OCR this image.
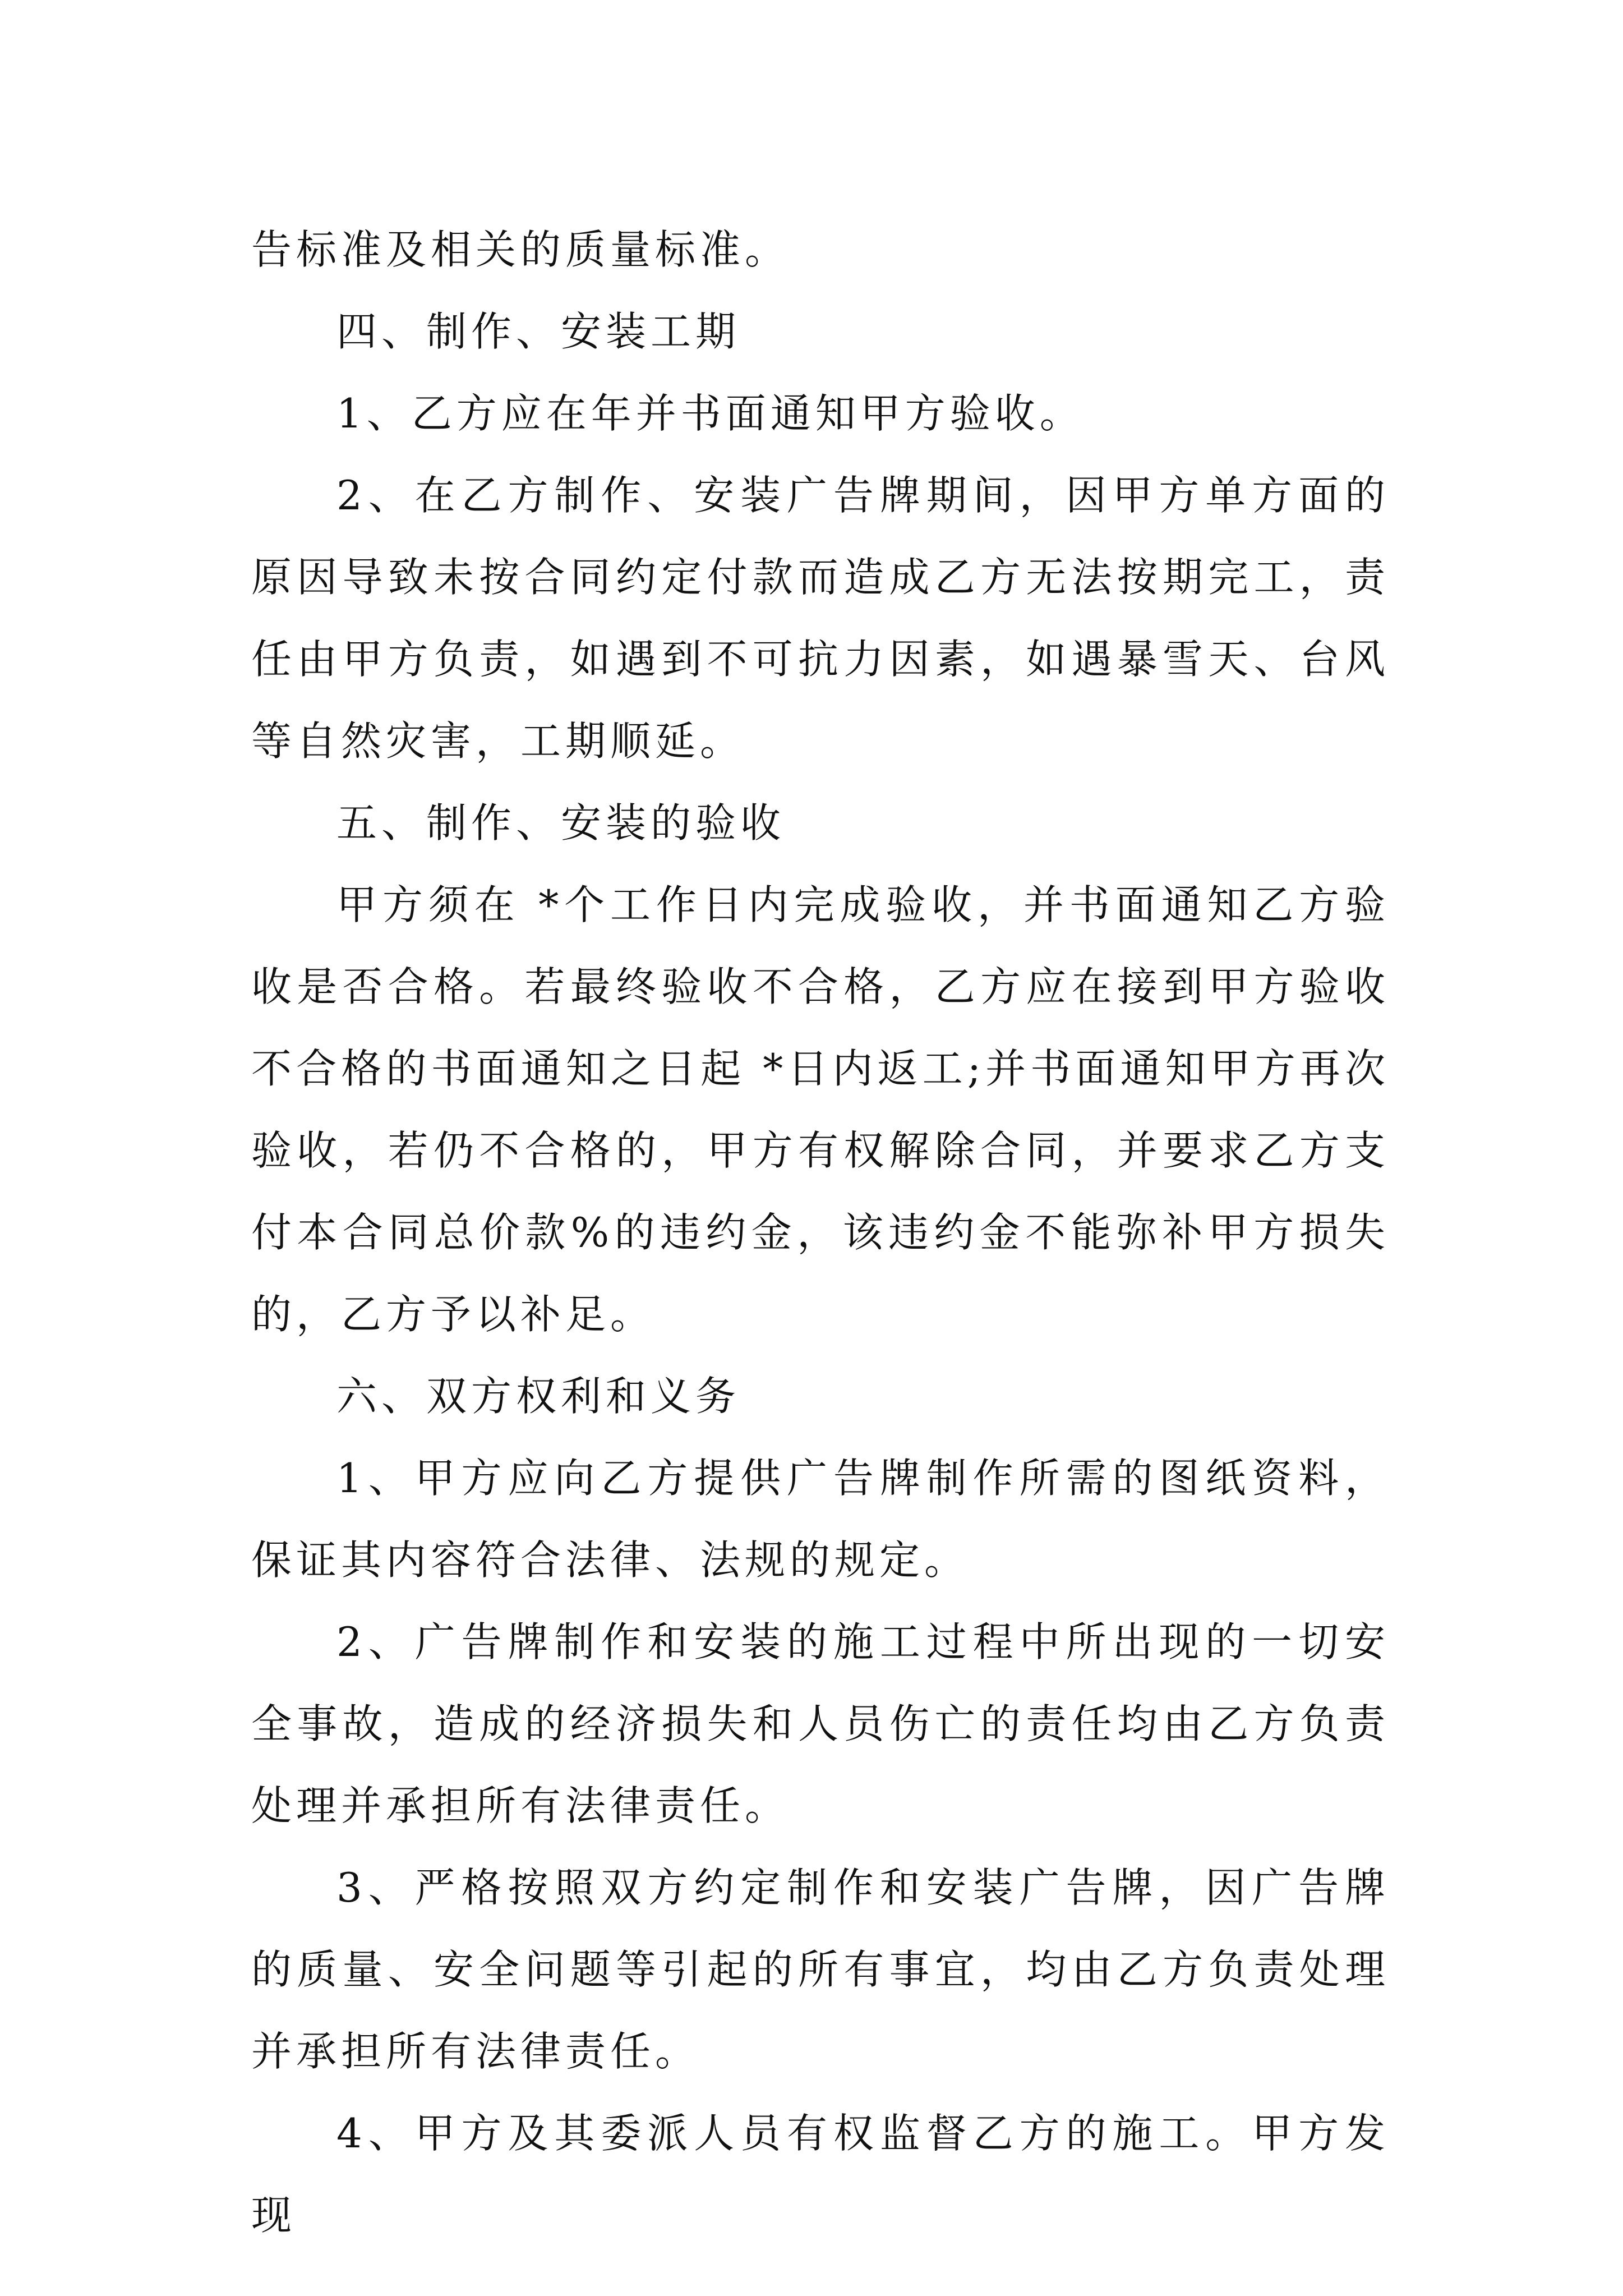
告标准及相关的质量标准。

四、制作、安装工期

1、乙方应在年并书面通知甲方验收。

2、在乙方制作、安装广告牌期间，因甲方单方面的原因导致未按合同约定付款而造成乙方无法按期完工，责任由甲方负责，如遇到不可抗力因素，如遇暴雪天、台风等自然灾害，工期顺延。

五、制作、安装的验收

甲方须在 *个工作日内完成验收，并书面通知乙方验收是否合格。若最终验收不合格，乙方应在接到甲方验收不合格的书面通知之日起 *日内返工;并书面通知甲方再次验收，若仍不合格的，甲方有权解除合同，并要求乙方支付本合同总价款%的违约金，该违约金不能弥补甲方损失的，乙方予以补足。

六、双方权利和义务

1、甲方应向乙方提供广告牌制作所需的图纸资料，保证其内容符合法律、法规的规定。

2、广告牌制作和安装的施工过程中所出现的一切安全事故，造成的经济损失和人员伤亡的责任均由乙方负责处理并承担所有法律责任。

3、严格按照双方约定制作和安装广告牌，因广告牌的质量、安全问题等引起的所有事宜，均由乙方负责处理并承担所有法律责任。

4、甲方及其委派人员有权监督乙方的施工。甲方发现
